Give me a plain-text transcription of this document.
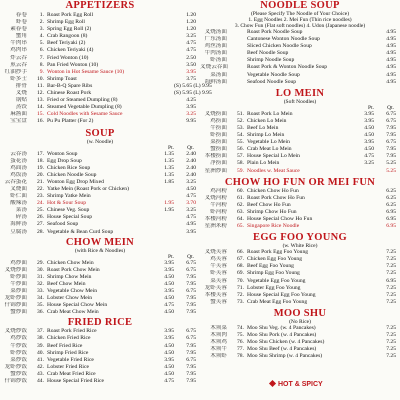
APPETIZERS
春卷	1. Roast Pork Egg Roll	1.20
虾卷	2. Shrimp Egg Roll	1.20
素春卷	3. Spring Egg Roll (2)	1.20
蟹角	4. Crab Rangoon (8)	3.25
牛肉串	5. Beef Teriyaki (2)	4.75
鸡肉串	6. Chicken Teriyaki (4)	4.75
炸云吞	7. Fried Wonton (10)	2.50
煎云吞	8. Pan Fried Wonton (10)	3.50
红油抄手	9. Wonton in Hot Sesame Sauce (10)	3.95
虾多士	10. Shrimp Toast	3.75
排骨	11. Bar-B-Q Spare Ribs	(S) 5.65 (L) 9.95
叉烧	12. Chinese Roast Pork	(S) 5.95 (L) 9.95
锅贴	13. Fried or Steamed Dumpling (8)	4.25
蒸饺	14. Steamed Vegetable Dumpling (8)	3.95
麻酱面	15. Cold Noodles with Sesame Sauce	3.25
宝宝盘	16. Pu Pu Platter (For 2)	9.95
SOUP
(w. Noodle)
Pt.	Qt.
云吞汤	17. Wonton Soup	1.35	2.40
蛋花汤	18. Egg Drop Soup	1.35	2.40
鸡面汤	19. Chicken Rice Soup	1.35	2.40
鸡饭汤	20. Chicken Noodle Soup	1.35	2.40
云吞蛋花	21. Wonton Egg Drop Mixed	1.85	3.25
叉烧面	22. Yatke Mein (Roast Pork or Chicken)	4.50
虾仁面	23. Shrimp Yatke Mein	4.75
酸辣汤	24. Hot & Sour Soup	1.95	3.70
菜汤	25. Chinese Veg. Soup	1.95	3.25
碎汤	26. House Special Soup	4.75
海鲜汤	27. Seafood Soup	4.95
豆腐汤	28. Vegetable & Bean Curd Soup	3.95
CHOW MEIN
(with Rice & Noodles)
Pt.	Qt.
鸡炒面	29. Chicken Chow Mein	3.95	6.75
叉烧炒面	30. Roast Pork Chow Mein	3.95	6.75
虾炒面	31. Shrimp Chow Mein	4.50	7.95
牛炒面	32. Beef Chow Mein	4.50	7.95
菜炒面	33. Vegetable Chow Mein	3.95	6.75
龙虾炒面	34. Lobster Chow Mein	4.50	7.95
什锦炒面	35. House Special Chow Mein	4.75	7.95
蟹炒面	36. Crab Meat Chow Mein	4.50	7.95
FRIED RICE
叉烧炒饭	37. Roast Pork Fried Rice	3.95	6.75
鸡炒饭	38. Chicken Fried Rice	3.95	6.75
牛炒饭	39. Beef Fried Rice	4.50	7.95
虾炒饭	40. Shrimp Fried Rice	4.50	7.95
菜炒饭	41. Vegetable Fried Rice	3.95	6.75
龙虾炒饭	42. Lobster Fried Rice	4.50	7.95
蟹炒饭	43. Crab Meat Fried Rice	4.50	7.95
什锦炒饭	44. House Special Fried Rice	4.75	7.95
NOODLE SOUP
(Please Specify The Noodle of Your Choice)
1. Egg Noodles 2. Mei Fun (Thin rice noodles)
3. Chow Fun (Flat soft noodles) 4. Udon (Japanese noodle)
叉烧汤面	Roast Pork Noodle Soup	4.95
广东汤面	Cantonese Wonton Noodle Soup	4.95
鸡丝汤面	Sliced Chicken Noodle Soup	4.95
牛肉汤面	Beef Noodle Soup	4.95
虾汤面	Shrimp Noodle Soup	4.95
叉烧云吞面	Roast Pork & Wonton Noodle Soup	4.95
菜汤面	Vegetable Noodle Soup	4.95
海鲜汤面	Seafood Noodle Soup	4.95
LO MEIN
(Soft Noodles)
Pt.	Qt.
叉烧捞面	51. Roast Pork Lo Mein	3.95	6.75
鸡捞面	52. Chicken Lo Mein	3.95	6.75
牛捞面	53. Beef Lo Mein	4.50	7.95
虾捞面	54. Shrimp Lo Mein	4.50	7.95
菜捞面	55. Vegetable Lo Mein	3.95	6.75
蟹捞面	56. Crab Meat Lo Mein	4.50	7.95
本楼捞面	57. House Special Lo Mein	4.75	7.95
净捞面	58. Plain Lo Mein	3.25	5.25
星洲炒面	59. Noodles w. Meat Sauce	5.25
CHOW HO FUN OR MEI FUN
鸡河粉	60. Chicken Chow Ho Fun	6.25
叉烧河粉	61. Roast Pork Chow Ho Fun	6.25
牛河粉	62. Beef Chow Ho Fun	6.25
虾河粉	63. Shrimp Chow Ho Fun	6.95
本楼河粉	64. House Special Chow Ho Fun	6.95
星洲米粉	65. Singapore Rice Noodle	6.95
EGG FOO YOUNG
(w. White Rice)
叉烧芙蓉	66. Roast Pork Egg Foo Young	7.25
鸡芙蓉	67. Chicken Egg Foo Young	7.25
牛芙蓉	68. Beef Egg Foo Young	7.25
虾芙蓉	69. Shrimp Egg Foo Young	7.25
菜芙蓉	70. Vegetable Egg Foo Young	6.95
龙虾芙蓉	71. Lobster Egg Foo Young	7.25
本楼芙蓉	72. House Special Egg Foo Young	7.25
蟹芙蓉	73. Crab Meat Egg Foo Young	7.25
MOO SHU
(No Rice)
木须菜	74. Moo Shu Veg. (w. 4 Pancakes)	7.25
木须肉	75. Moo Shu Pork (w. 4 Pancakes)	7.25
木须鸡	76. Moo Shu Chicken (w. 4 Pancakes)	7.25
木须牛	77. Moo Shu Beef (w. 4 Pancakes)	7.25
木须虾	78. Moo Shu Shrimp (w. 4 Pancakes)	7.25
HOT & SPICY
